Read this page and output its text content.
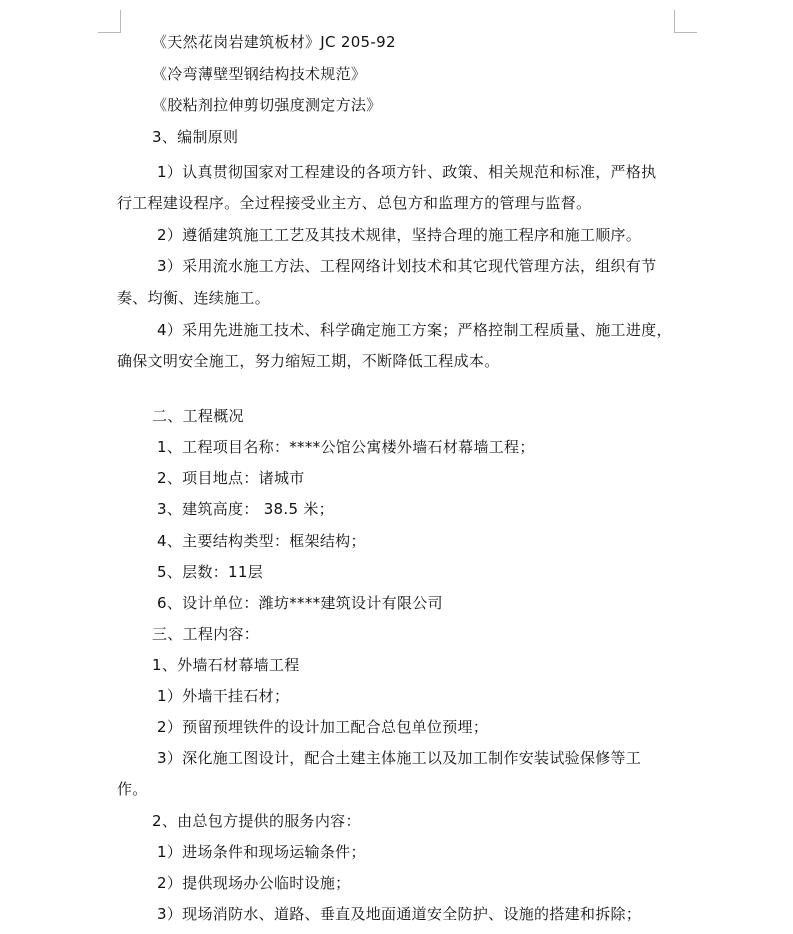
《天然花岗岩建筑板材》JC 205-92
《冷弯薄壁型钢结构技术规范》
《胶粘剂拉伸剪切强度测定方法》
3、编制原则
1）认真贯彻国家对工程建设的各项方针、政策、相关规范和标准，严格执
行工程建设程序。全过程接受业主方、总包方和监理方的管理与监督。
2）遵循建筑施工工艺及其技术规律，坚持合理的施工程序和施工顺序。
3）采用流水施工方法、工程网络计划技术和其它现代管理方法，组织有节
奏、均衡、连续施工。
4）采用先进施工技术、科学确定施工方案；严格控制工程质量、施工进度，
确保文明安全施工，努力缩短工期，不断降低工程成本。
二、工程概况
1、工程项目名称：****公馆公寓楼外墙石材幕墙工程；
2、项目地点：诸城市
3、建筑高度： 38.5 米；
4、主要结构类型：框架结构；
5、层数：11层
6、设计单位：潍坊****建筑设计有限公司
三、工程内容：
1、外墙石材幕墙工程
1）外墙干挂石材；
2）预留预埋铁件的设计加工配合总包单位预埋；
3）深化施工图设计，配合土建主体施工以及加工制作安装试验保修等工
作。
2、由总包方提供的服务内容：
1）进场条件和现场运输条件；
2）提供现场办公临时设施；
3）现场消防水、道路、垂直及地面通道安全防护、设施的搭建和拆除；
